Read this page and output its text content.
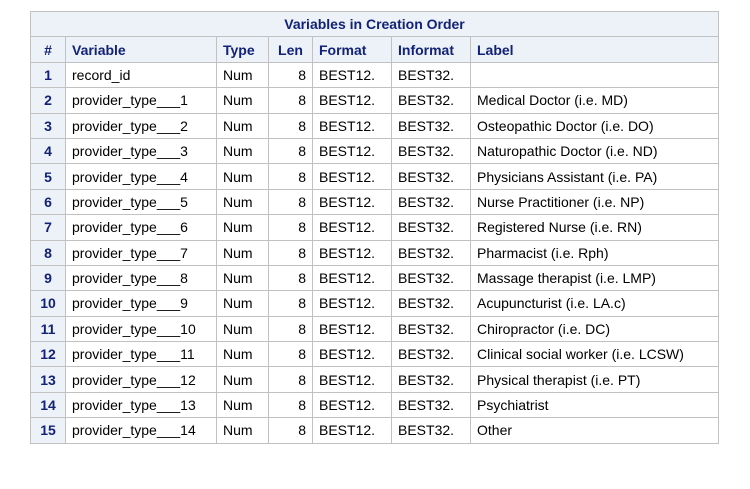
Variables in Creation Order						
#	Variable	Type	Len	Format	Informat	Label
1	record_id	Num	8	BEST12.	BEST32.	
2	provider_type___1	Num	8	BEST12.	BEST32.	Medical Doctor (i.e. MD)
3	provider_type___2	Num	8	BEST12.	BEST32.	Osteopathic Doctor (i.e. DO)
4	provider_type___3	Num	8	BEST12.	BEST32.	Naturopathic Doctor (i.e. ND)
5	provider_type___4	Num	8	BEST12.	BEST32.	Physicians Assistant (i.e. PA)
6	provider_type___5	Num	8	BEST12.	BEST32.	Nurse Practitioner (i.e. NP)
7	provider_type___6	Num	8	BEST12.	BEST32.	Registered Nurse (i.e. RN)
8	provider_type___7	Num	8	BEST12.	BEST32.	Pharmacist (i.e. Rph)
9	provider_type___8	Num	8	BEST12.	BEST32.	Massage therapist (i.e. LMP)
10	provider_type___9	Num	8	BEST12.	BEST32.	Acupuncturist (i.e. LA.c)
11	provider_type___10	Num	8	BEST12.	BEST32.	Chiropractor (i.e. DC)
12	provider_type___11	Num	8	BEST12.	BEST32.	Clinical social worker (i.e. LCSW)
13	provider_type___12	Num	8	BEST12.	BEST32.	Physical therapist (i.e. PT)
14	provider_type___13	Num	8	BEST12.	BEST32.	Psychiatrist
15	provider_type___14	Num	8	BEST12.	BEST32.	Other
